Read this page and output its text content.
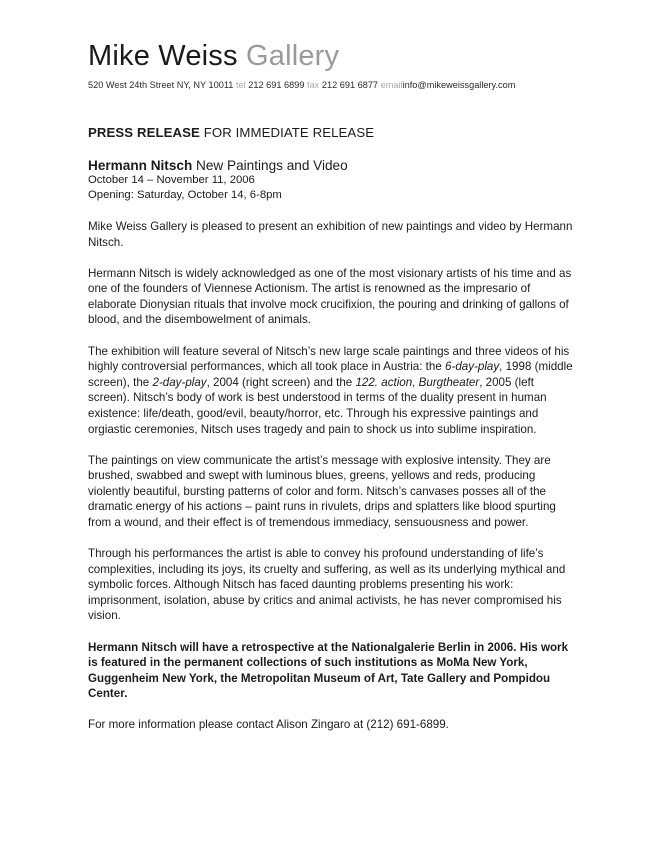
Mike Weiss Gallery
520 West 24th Street NY, NY 10011 tel 212 691 6899 fax 212 691 6877 emailinfo@mikeweissgallery.com
PRESS RELEASE FOR IMMEDIATE RELEASE
Hermann Nitsch New Paintings and Video
October 14 – November 11, 2006
Opening: Saturday, October 14, 6-8pm

Mike Weiss Gallery is pleased to present an exhibition of new paintings and video by Hermann Nitsch.

Hermann Nitsch is widely acknowledged as one of the most visionary artists of his time and as one of the founders of Viennese Actionism. The artist is renowned as the impresario of elaborate Dionysian rituals that involve mock crucifixion, the pouring and drinking of gallons of blood, and the disembowelment of animals.

The exhibition will feature several of Nitsch’s new large scale paintings and three videos of his highly controversial performances, which all took place in Austria: the 6-day-play, 1998 (middle screen), the 2-day-play, 2004 (right screen) and the 122. action, Burgtheater, 2005 (left screen). Nitsch’s body of work is best understood in terms of the duality present in human existence: life/death, good/evil, beauty/horror, etc. Through his expressive paintings and orgiastic ceremonies, Nitsch uses tragedy and pain to shock us into sublime inspiration.

The paintings on view communicate the artist’s message with explosive intensity. They are brushed, swabbed and swept with luminous blues, greens, yellows and reds, producing violently beautiful, bursting patterns of color and form. Nitsch’s canvases posses all of the dramatic energy of his actions – paint runs in rivulets, drips and splatters like blood spurting from a wound, and their effect is of tremendous immediacy, sensuousness and power.

Through his performances the artist is able to convey his profound understanding of life’s complexities, including its joys, its cruelty and suffering, as well as its underlying mythical and symbolic forces. Although Nitsch has faced daunting problems presenting his work: imprisonment, isolation, abuse by critics and animal activists, he has never compromised his vision.

Hermann Nitsch will have a retrospective at the Nationalgalerie Berlin in 2006. His work is featured in the permanent collections of such institutions as MoMa New York, Guggenheim New York, the Metropolitan Museum of Art, Tate Gallery and Pompidou Center.

For more information please contact Alison Zingaro at (212) 691-6899.
